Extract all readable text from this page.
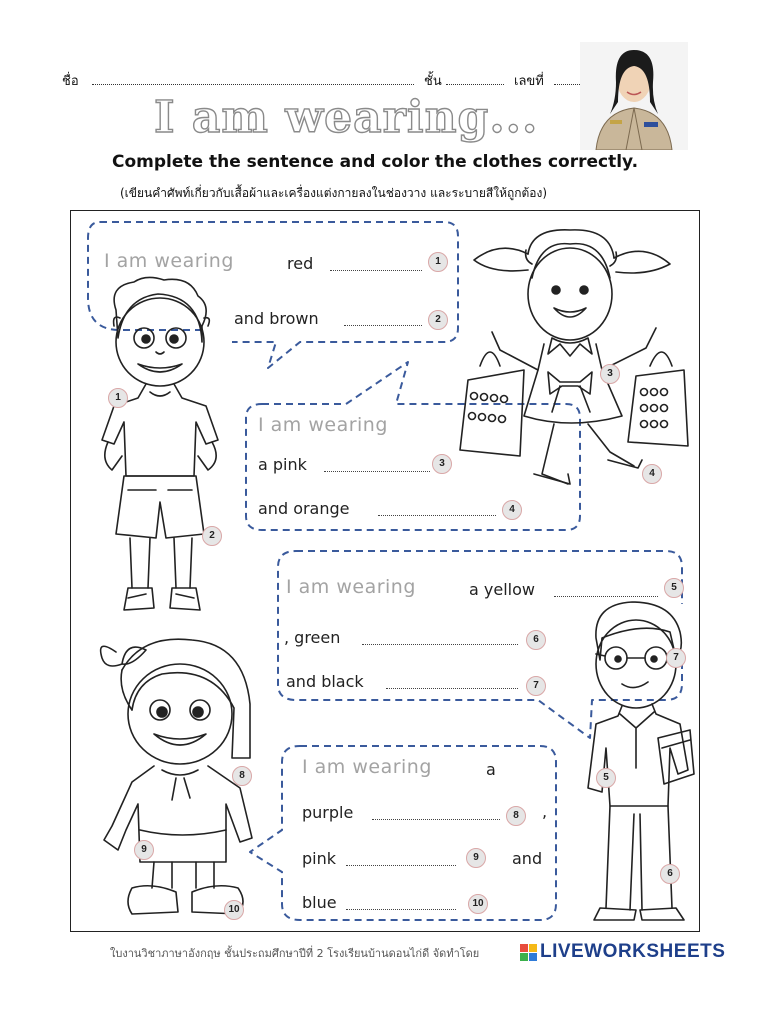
ชื่อ	ชั้น	เลขที่
I am wearing...
Complete the sentence and color the clothes correctly.
(เขียนคำศัพท์เกี่ยวกับเสื้อผ้าและเครื่องแต่งกายลงในช่องวาง และระบายสีให้ถูกต้อง)
I am wearing	red	1
and brown	2
I am wearing
a pink	3
and orange	4
I am wearing	a yellow	5
, green	6
and black	7
I am wearing	a
purple	8	,
pink	9	and
blue	10
1
2
3
4
5
6
7
8
9
10
ใบงานวิชาภาษาอังกฤษ ชั้นประถมศึกษาปีที่ 2 โรงเรียนบ้านดอนไก่ดี จัดทำโดย	LIVEWORKSHEETS
